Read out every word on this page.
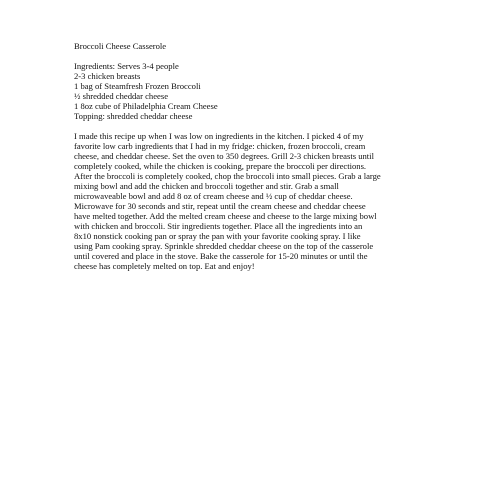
Broccoli Cheese Casserole
Ingredients: Serves 3-4 people
2-3 chicken breasts
1 bag of Steamfresh Frozen Broccoli
½ shredded cheddar cheese
1 8oz cube of Philadelphia Cream Cheese
Topping: shredded cheddar cheese
I made this recipe up when I was low on ingredients in the kitchen. I picked 4 of my
favorite low carb ingredients that I had in my fridge: chicken, frozen broccoli, cream
cheese, and cheddar cheese. Set the oven to 350 degrees. Grill 2-3 chicken breasts until
completely cooked, while the chicken is cooking, prepare the broccoli per directions.
After the broccoli is completely cooked, chop the broccoli into small pieces. Grab a large
mixing bowl and add the chicken and broccoli together and stir. Grab a small
microwaveable bowl and add 8 oz of cream cheese and ½ cup of cheddar cheese.
Microwave for 30 seconds and stir, repeat until the cream cheese and cheddar cheese
have melted together. Add the melted cream cheese and cheese to the large mixing bowl
with chicken and broccoli. Stir ingredients together. Place all the ingredients into an
8x10 nonstick cooking pan or spray the pan with your favorite cooking spray. I like
using Pam cooking spray. Sprinkle shredded cheddar cheese on the top of the casserole
until covered and place in the stove. Bake the casserole for 15-20 minutes or until the
cheese has completely melted on top. Eat and enjoy!
